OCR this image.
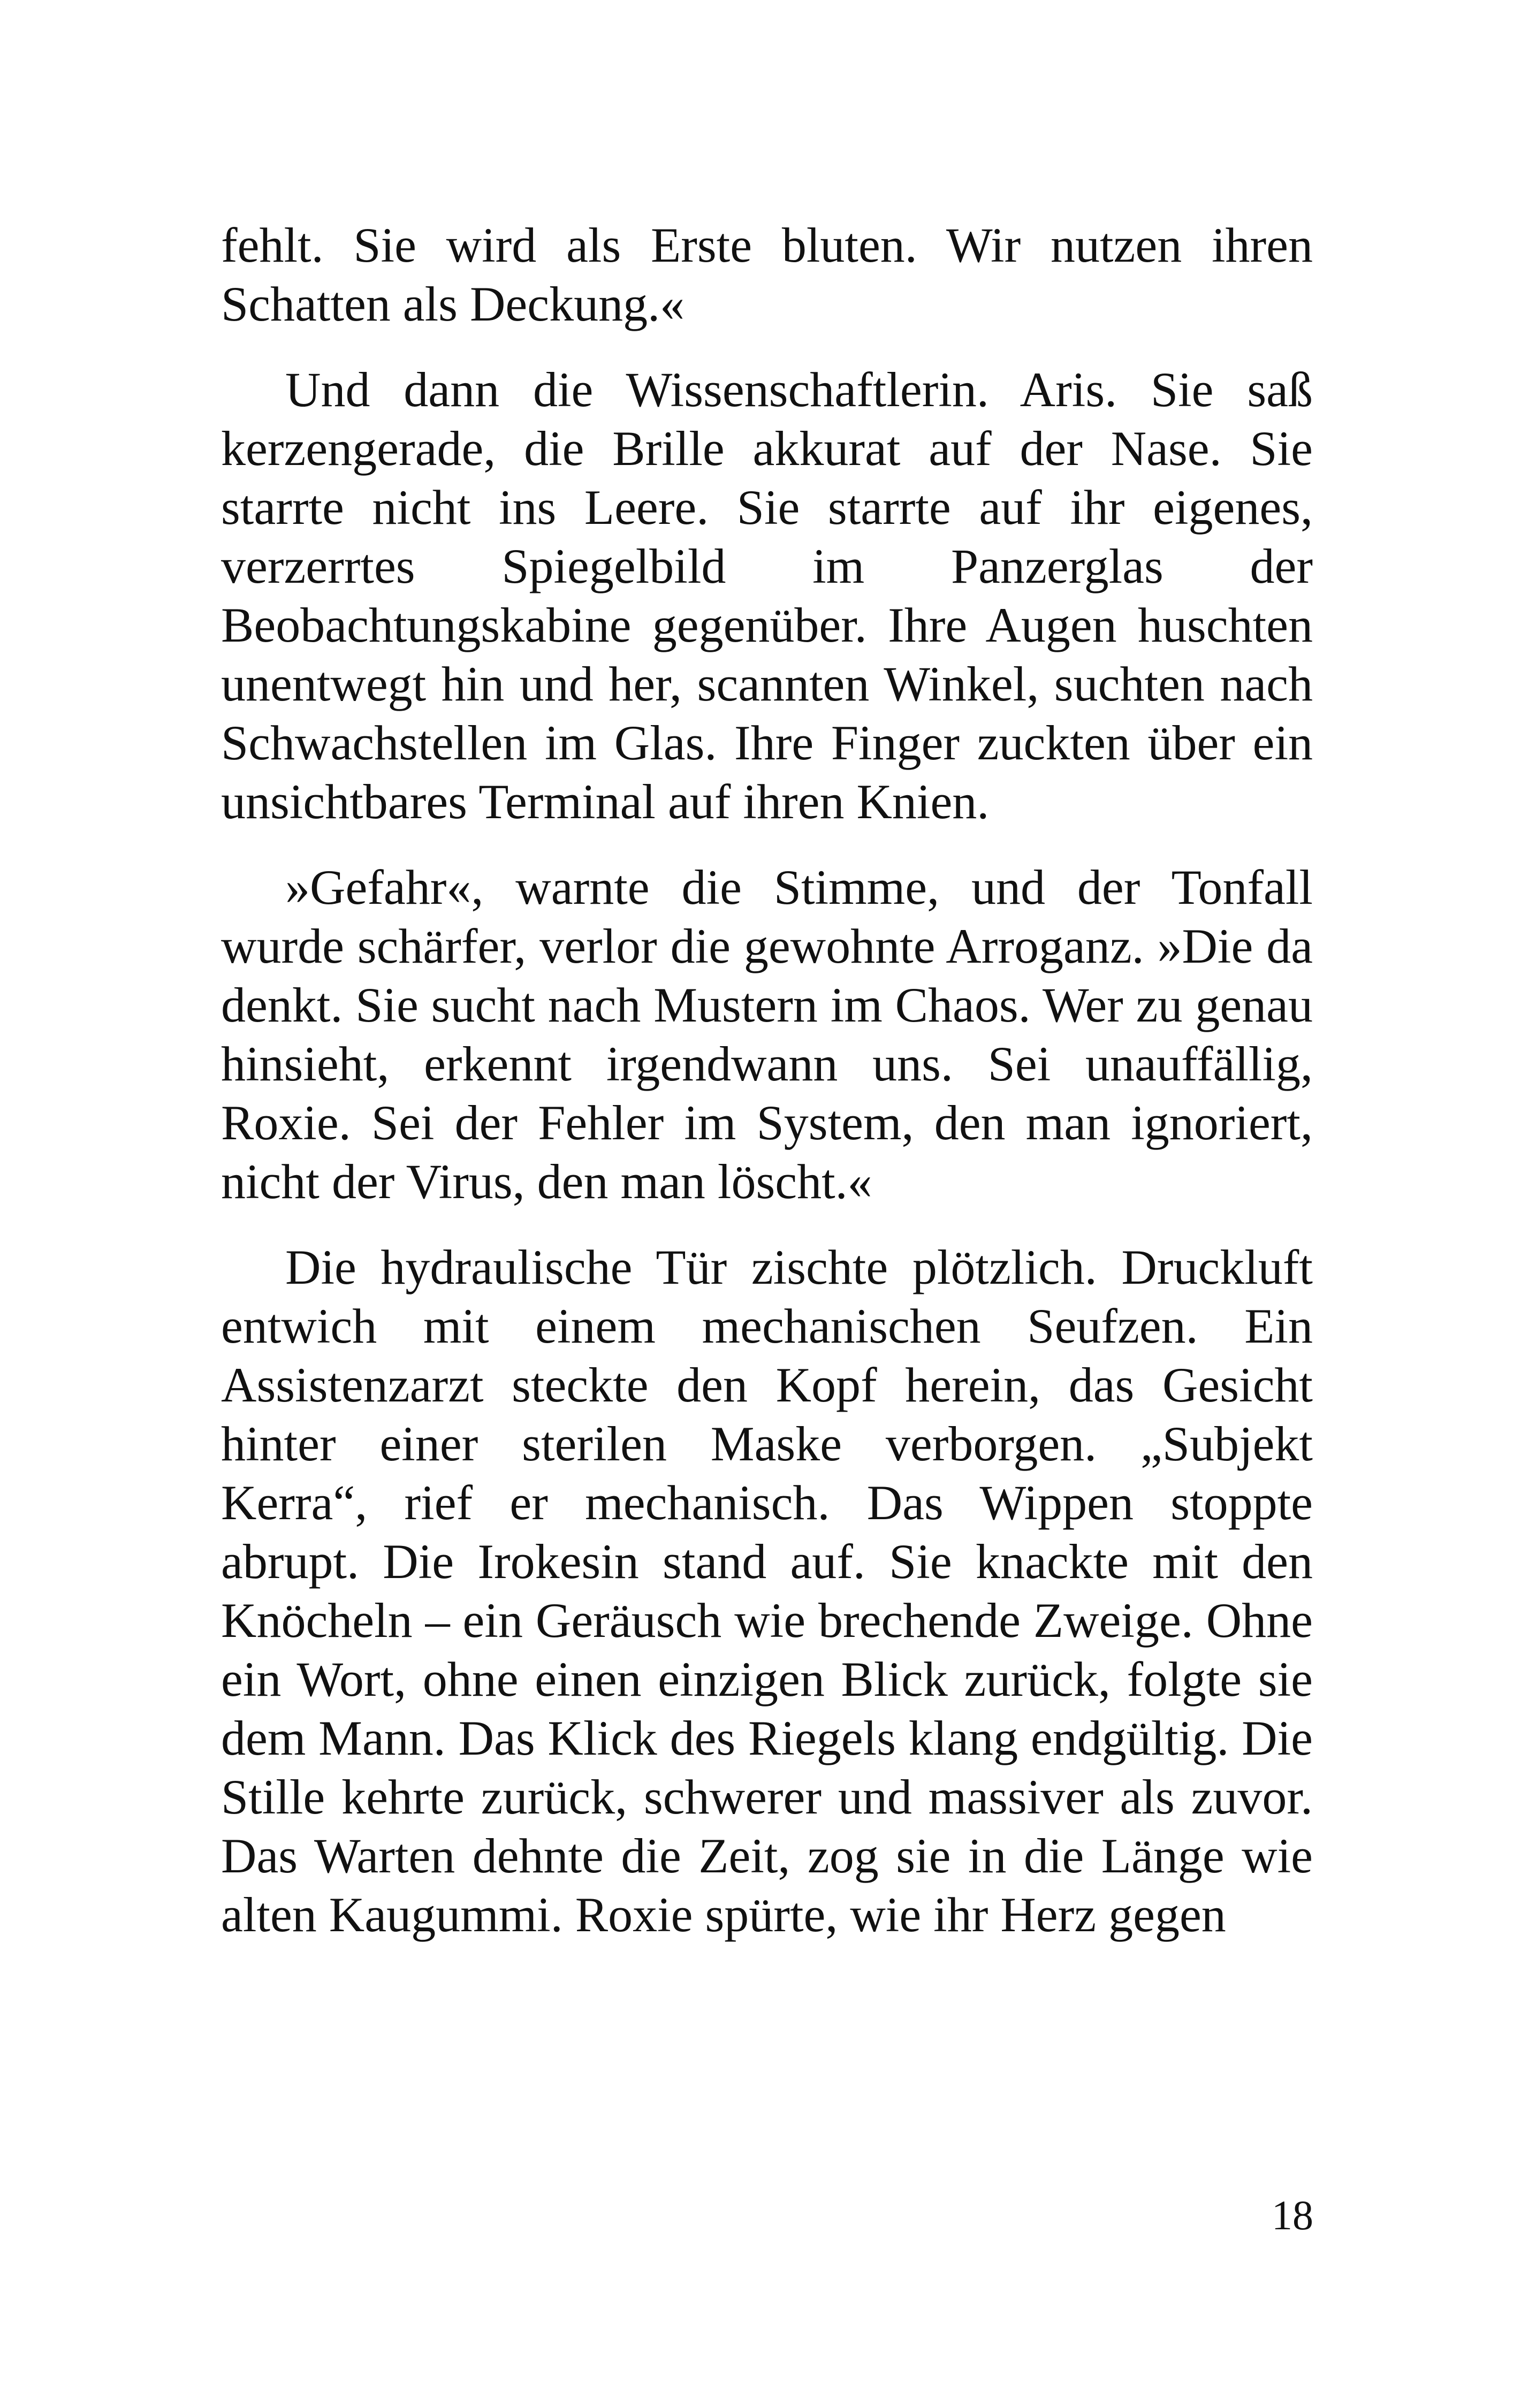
fehlt. Sie wird als Erste bluten. Wir nutzen ihren Schatten als Deckung.«

Und dann die Wissenschaftlerin. Aris. Sie saß kerzengerade, die Brille akkurat auf der Nase. Sie starrte nicht ins Leere. Sie starrte auf ihr eigenes, verzerrtes Spiegelbild im Panzerglas der Beobachtungskabine gegenüber. Ihre Augen huschten unentwegt hin und her, scannten Winkel, suchten nach Schwachstellen im Glas. Ihre Finger zuckten über ein unsichtbares Terminal auf ihren Knien.

»Gefahr«, warnte die Stimme, und der Tonfall wurde schärfer, verlor die gewohnte Arroganz. »Die da denkt. Sie sucht nach Mustern im Chaos. Wer zu genau hinsieht, erkennt irgendwann uns. Sei unauffällig, Roxie. Sei der Fehler im System, den man ignoriert, nicht der Virus, den man löscht.«

Die hydraulische Tür zischte plötzlich. Druckluft entwich mit einem mechanischen Seufzen. Ein Assistenzarzt steckte den Kopf herein, das Gesicht hinter einer sterilen Maske verborgen. „Subjekt Kerra“, rief er mechanisch. Das Wippen stoppte abrupt. Die Irokesin stand auf. Sie knackte mit den Knöcheln – ein Geräusch wie brechende Zweige. Ohne ein Wort, ohne einen einzigen Blick zurück, folgte sie dem Mann. Das Klick des Riegels klang endgültig. Die Stille kehrte zurück, schwerer und massiver als zuvor. Das Warten dehnte die Zeit, zog sie in die Länge wie alten Kaugummi. Roxie spürte, wie ihr Herz gegen

18
